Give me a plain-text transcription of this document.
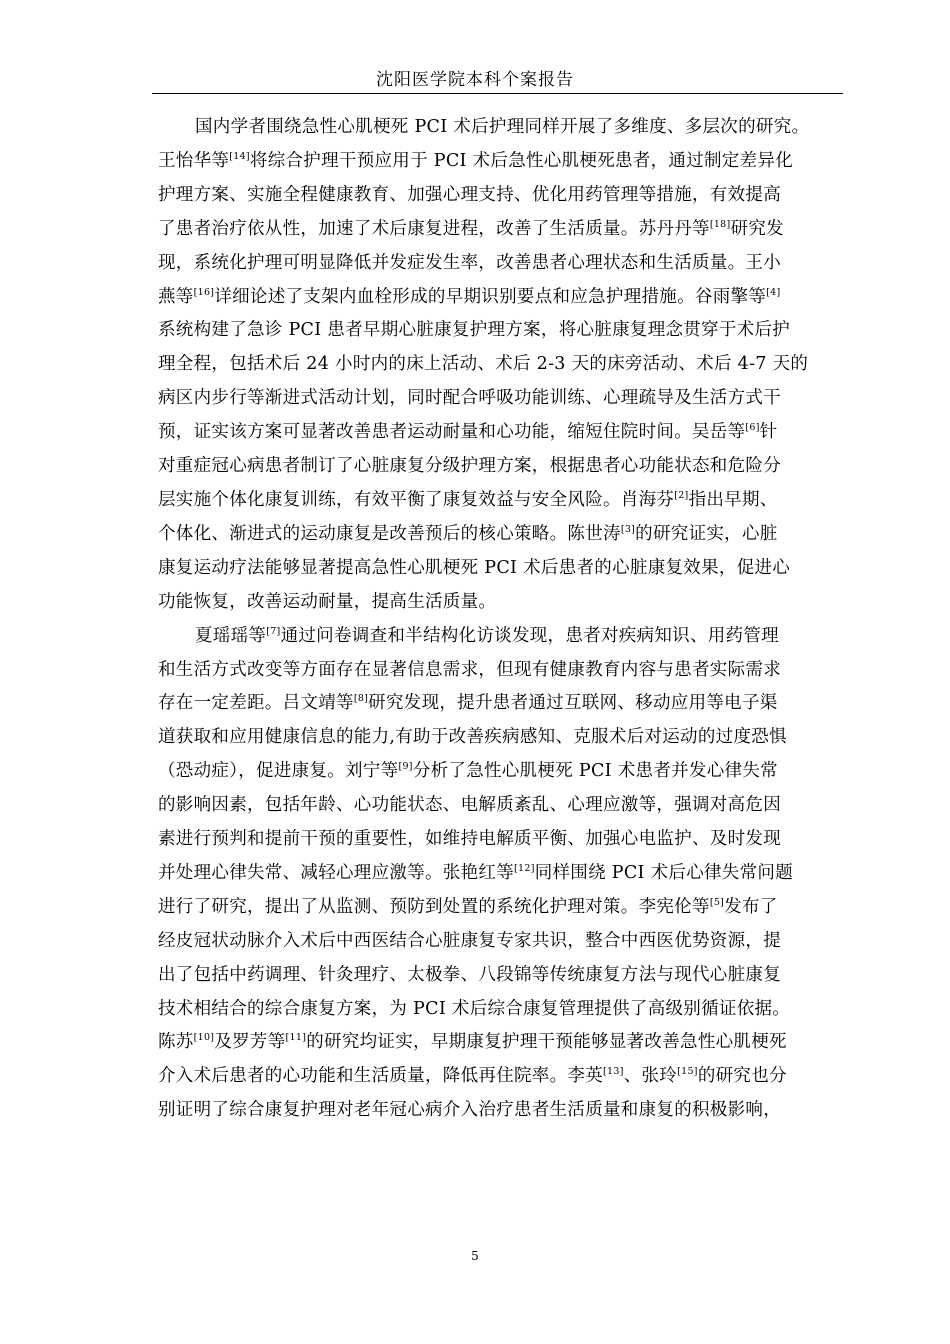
沈阳医学院本科个案报告

国内学者围绕急性心肌梗死 PCI 术后护理同样开展了多维度、多层次的研究。
王怡华等[14]将综合护理干预应用于 PCI 术后急性心肌梗死患者，通过制定差异化
护理方案、实施全程健康教育、加强心理支持、优化用药管理等措施，有效提高
了患者治疗依从性，加速了术后康复进程，改善了生活质量。苏丹丹等[18]研究发
现，系统化护理可明显降低并发症发生率，改善患者心理状态和生活质量。王小
燕等[16]详细论述了支架内血栓形成的早期识别要点和应急护理措施。谷雨擎等[4]
系统构建了急诊 PCI 患者早期心脏康复护理方案，将心脏康复理念贯穿于术后护
理全程，包括术后 24 小时内的床上活动、术后 2-3 天的床旁活动、术后 4-7 天的
病区内步行等渐进式活动计划，同时配合呼吸功能训练、心理疏导及生活方式干
预，证实该方案可显著改善患者运动耐量和心功能，缩短住院时间。吴岳等[6]针
对重症冠心病患者制订了心脏康复分级护理方案，根据患者心功能状态和危险分
层实施个体化康复训练，有效平衡了康复效益与安全风险。肖海芬[2]指出早期、
个体化、渐进式的运动康复是改善预后的核心策略。陈世涛[3]的研究证实，心脏
康复运动疗法能够显著提高急性心肌梗死 PCI 术后患者的心脏康复效果，促进心
功能恢复，改善运动耐量，提高生活质量。

夏瑶瑶等[7]通过问卷调查和半结构化访谈发现，患者对疾病知识、用药管理
和生活方式改变等方面存在显著信息需求，但现有健康教育内容与患者实际需求
存在一定差距。吕文靖等[8]研究发现，提升患者通过互联网、移动应用等电子渠
道获取和应用健康信息的能力,有助于改善疾病感知、克服术后对运动的过度恐惧
（恐动症），促进康复。刘宁等[9]分析了急性心肌梗死 PCI 术患者并发心律失常
的影响因素，包括年龄、心功能状态、电解质紊乱、心理应激等，强调对高危因
素进行预判和提前干预的重要性，如维持电解质平衡、加强心电监护、及时发现
并处理心律失常、减轻心理应激等。张艳红等[12]同样围绕 PCI 术后心律失常问题
进行了研究，提出了从监测、预防到处置的系统化护理对策。李宪伦等[5]发布了
经皮冠状动脉介入术后中西医结合心脏康复专家共识，整合中西医优势资源，提
出了包括中药调理、针灸理疗、太极拳、八段锦等传统康复方法与现代心脏康复
技术相结合的综合康复方案，为 PCI 术后综合康复管理提供了高级别循证依据。
陈苏[10]及罗芳等[11]的研究均证实，早期康复护理干预能够显著改善急性心肌梗死
介入术后患者的心功能和生活质量，降低再住院率。李英[13]、张玲[15]的研究也分
别证明了综合康复护理对老年冠心病介入治疗患者生活质量和康复的积极影响，

5
